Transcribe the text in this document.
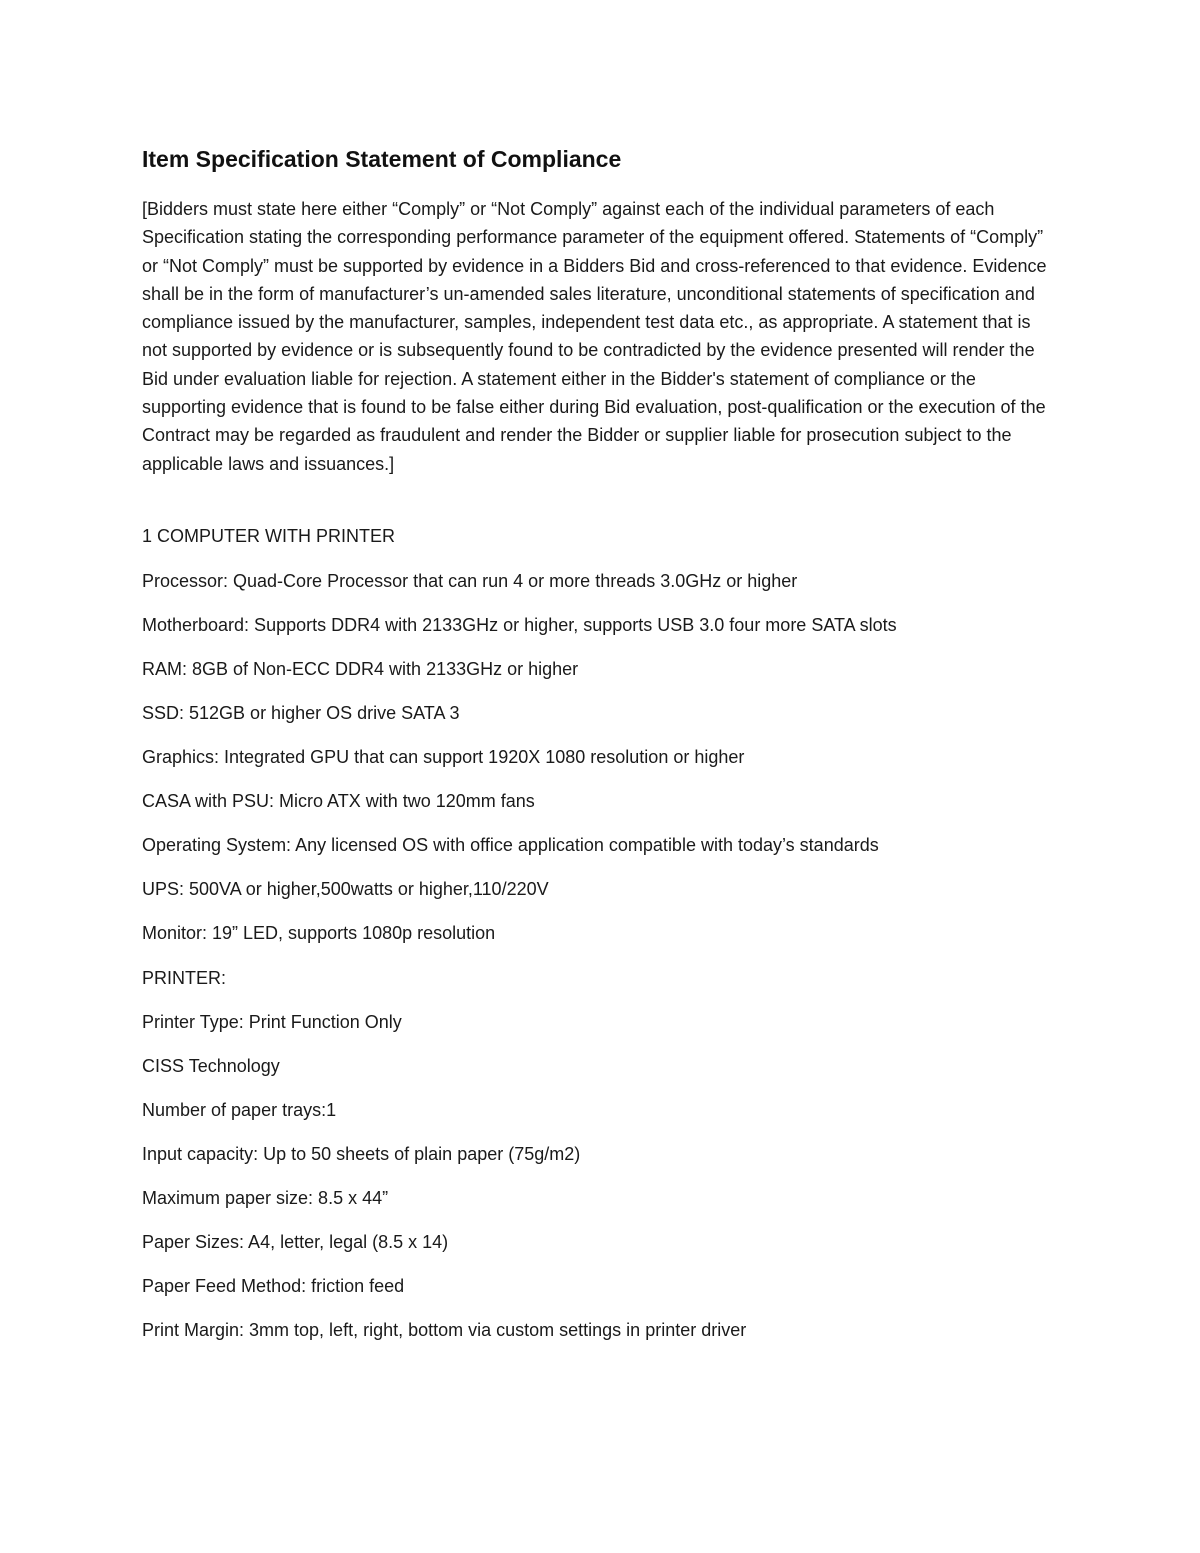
Item Specification Statement of Compliance

[Bidders must state here either “Comply” or “Not Comply” against each of the individual parameters of each Specification stating the corresponding performance parameter of the equipment offered. Statements of “Comply” or “Not Comply” must be supported by evidence in a Bidders Bid and cross-referenced to that evidence. Evidence shall be in the form of manufacturer’s un-amended sales literature, unconditional statements of specification and compliance issued by the manufacturer, samples, independent test data etc., as appropriate. A statement that is not supported by evidence or is subsequently found to be contradicted by the evidence presented will render the Bid under evaluation liable for rejection. A statement either in the Bidder's statement of compliance or the supporting evidence that is found to be false either during Bid evaluation, post-qualification or the execution of the Contract may be regarded as fraudulent and render the Bidder or supplier liable for prosecution subject to the applicable laws and issuances.]

1 COMPUTER WITH PRINTER

Processor: Quad-Core Processor that can run 4 or more threads 3.0GHz or higher

Motherboard: Supports DDR4 with 2133GHz or higher, supports USB 3.0 four more SATA slots

RAM: 8GB of Non-ECC DDR4 with 2133GHz or higher

SSD: 512GB or higher OS drive SATA 3

Graphics: Integrated GPU that can support 1920X 1080 resolution or higher

CASA with PSU: Micro ATX with two 120mm fans

Operating System: Any licensed OS with office application compatible with today’s standards

UPS: 500VA or higher,500watts or higher,110/220V

Monitor: 19” LED, supports 1080p resolution

PRINTER:

Printer Type: Print Function Only

CISS Technology

Number of paper trays:1

Input capacity: Up to 50 sheets of plain paper (75g/m2)

Maximum paper size: 8.5 x 44”

Paper Sizes: A4, letter, legal (8.5 x 14)

Paper Feed Method: friction feed

Print Margin: 3mm top, left, right, bottom via custom settings in printer driver
